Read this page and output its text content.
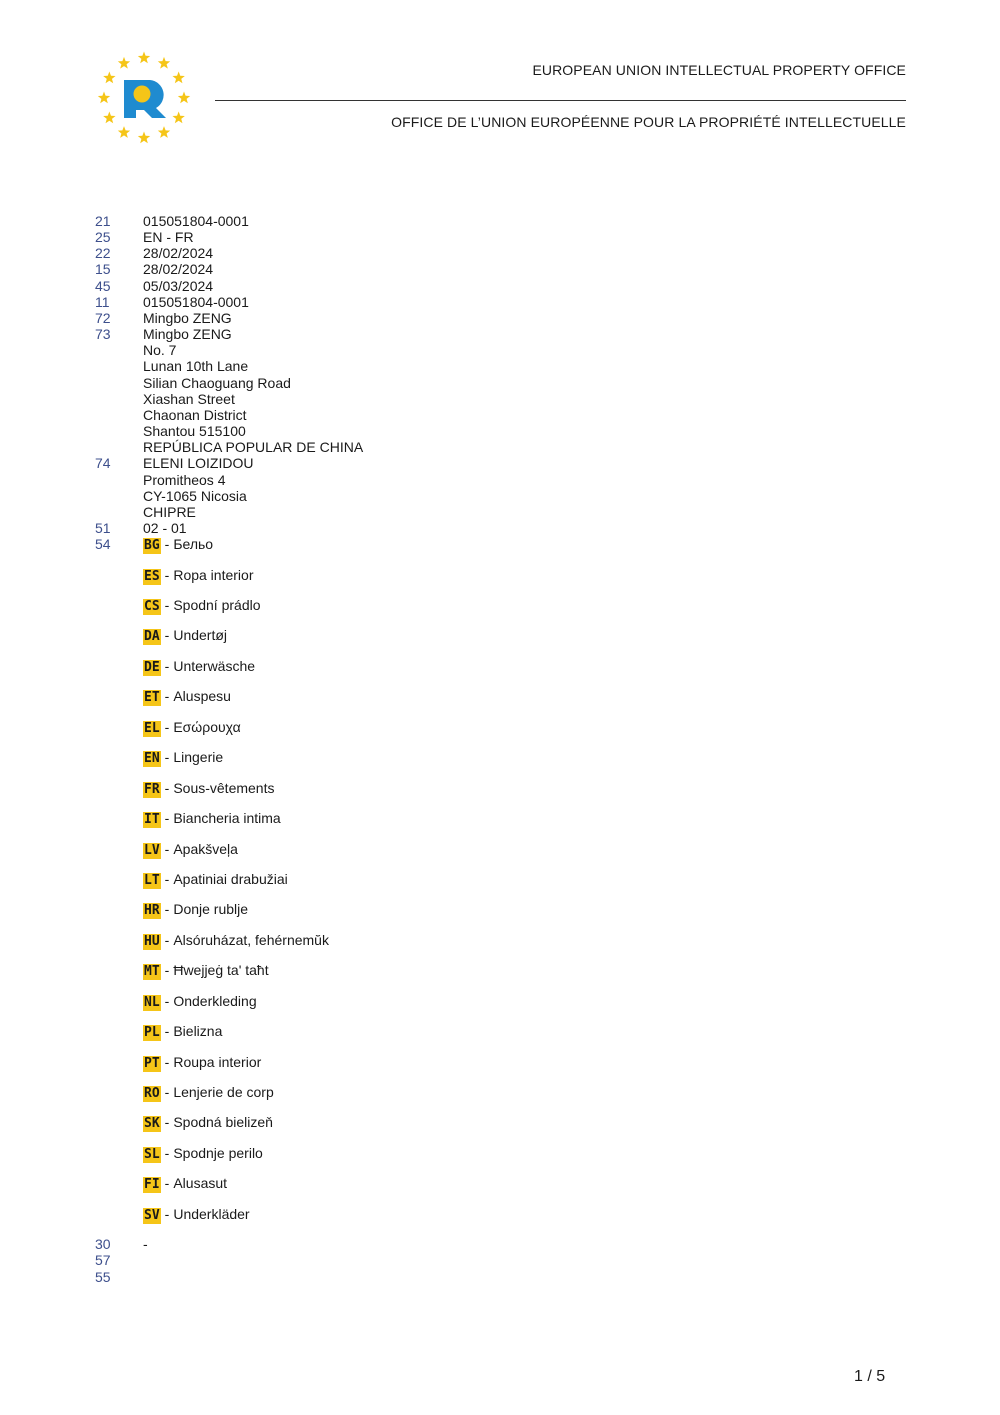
EUROPEAN UNION INTELLECTUAL PROPERTY OFFICE
OFFICE DE L’UNION EUROPÉENNE POUR LA PROPRIÉTÉ INTELLECTUELLE
21	015051804-0001
25	EN - FR
22	28/02/2024
15	28/02/2024
45	05/03/2024
11	015051804-0001
72	Mingbo ZENG
73	Mingbo ZENG
No. 7
Lunan 10th Lane
Silian Chaoguang Road
Xiashan Street
Chaonan District
Shantou 515100
REPÚBLICA POPULAR DE CHINA
74	ELENI LOIZIDOU
Promitheos 4
CY-1065 Nicosia
CHIPRE
51	02 - 01
54	BG - Бельо
ES - Ropa interior
CS - Spodní prádlo
DA - Undertøj
DE - Unterwäsche
ET - Aluspesu
EL - Εσώρουχα
EN - Lingerie
FR - Sous-vêtements
IT - Biancheria intima
LV - Apakšveļa
LT - Apatiniai drabužiai
HR - Donje rublje
HU - Alsóruházat, fehérnemŭk
MT - Ħwejjeġ ta' taħt
NL - Onderkleding
PL - Bielizna
PT - Roupa interior
RO - Lenjerie de corp
SK - Spodná bielizeň
SL - Spodnje perilo
FI - Alusasut
SV - Underkläder
30	-
57
55
1 / 5
